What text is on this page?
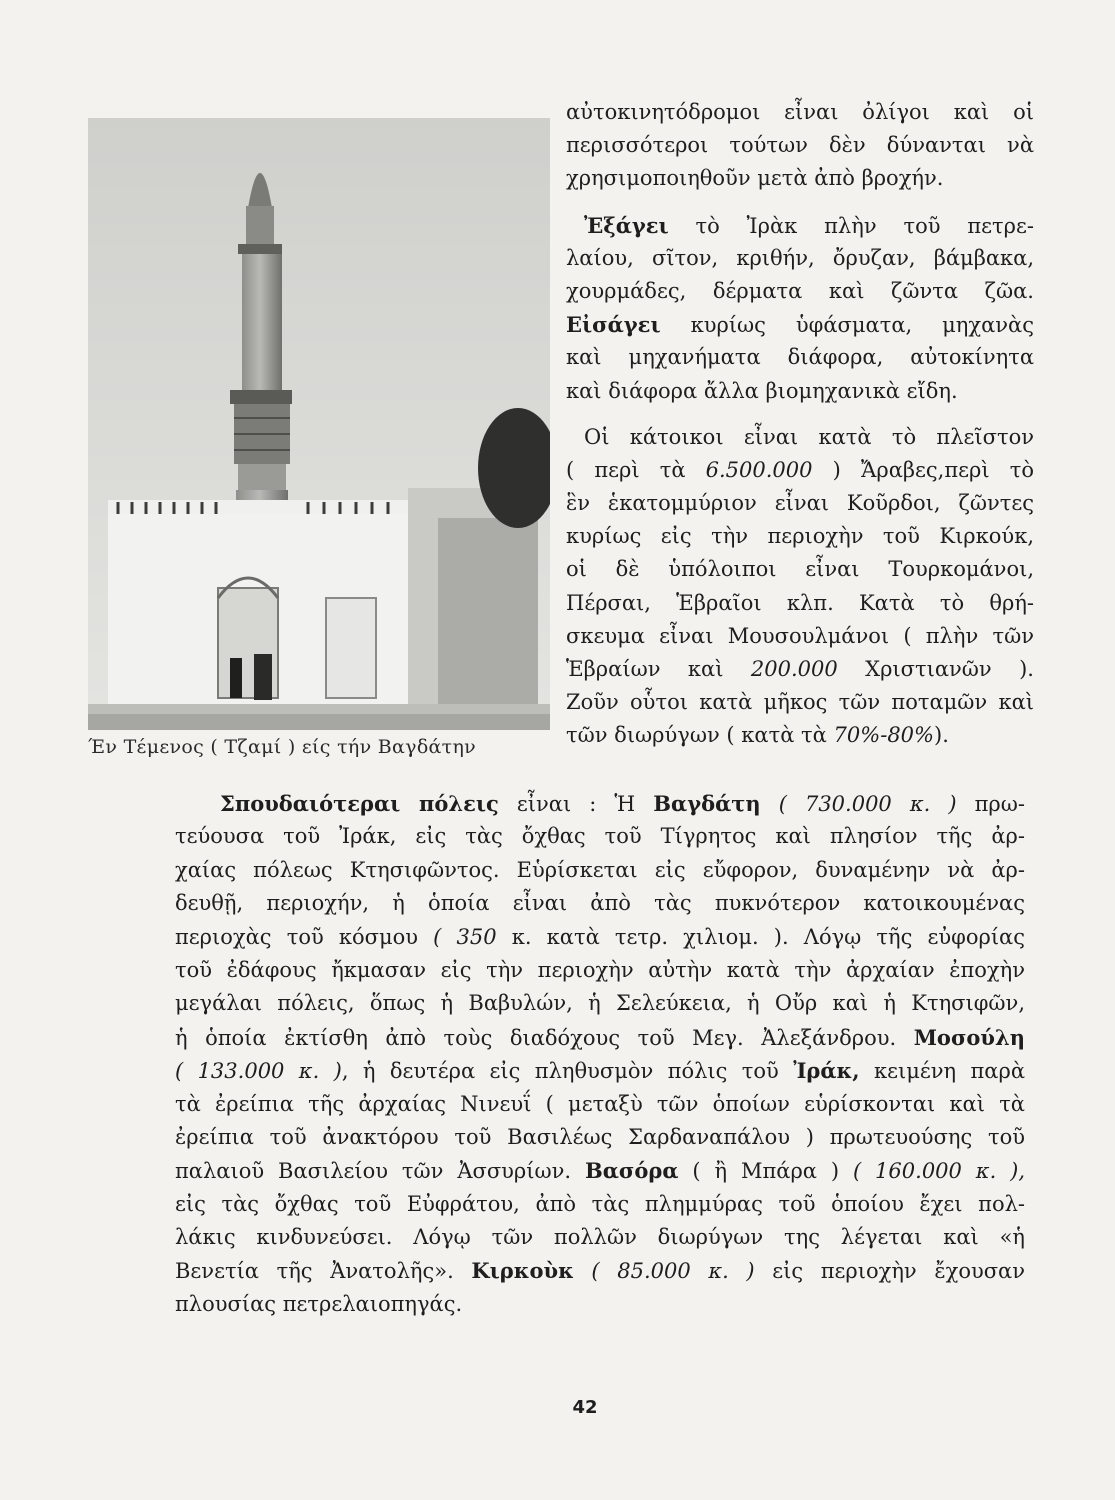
Έν Τέμενος ( Τζαμί ) είς τήν Βαγδάτην
αὐτοκινητόδρομοι εἶναι ὀλίγοι καὶ οἱ
περισσότεροι τούτων δὲν δύνανται νὰ
χρησιμοποιηθοῦν μετὰ ἀπὸ βροχήν.
Ἐξάγει τὸ Ἰρὰκ πλὴν τοῦ πετρε-
λαίου, σῖτον, κριθήν, ὄρυζαν, βάμβακα,
χουρμάδες, δέρματα καὶ ζῶντα ζῶα.
Εἰσάγει κυρίως ὑφάσματα, μηχανὰς
καὶ μηχανήματα διάφορα, αὐτοκίνητα
καὶ διάφορα ἄλλα βιομηχανικὰ εἴδη.
Οἱ κάτοικοι εἶναι κατὰ τὸ πλεῖστον
( περὶ τὰ 6.500.000 ) Ἄραβες,περὶ τὸ
ἓν ἑκατομμύριον εἶναι Κοῦρδοι, ζῶντες
κυρίως εἰς τὴν περιοχὴν τοῦ Κιρκούκ,
οἱ δὲ ὑπόλοιποι εἶναι Τουρκομάνοι,
Πέρσαι, Ἑβραῖοι κλπ. Κατὰ τὸ θρή-
σκευμα εἶναι Μουσουλμάνοι ( πλὴν τῶν
Ἑβραίων καὶ 200.000 Χριστιανῶν ).
Ζοῦν οὗτοι κατὰ μῆκος τῶν ποταμῶν καὶ
τῶν διωρύγων ( κατὰ τὰ 70%-80%).
Σπουδαιότεραι πόλεις εἶναι : Ἡ Βαγδάτη ( 730.000 κ. ) πρω-
τεύουσα τοῦ Ἰράκ, εἰς τὰς ὄχθας τοῦ Τίγρητος καὶ πλησίον τῆς ἀρ-
χαίας πόλεως Κτησιφῶντος. Εὑρίσκεται εἰς εὔφορον, δυναμένην νὰ ἀρ-
δευθῇ, περιοχήν, ἡ ὁποία εἶναι ἀπὸ τὰς πυκνότερον κατοικουμένας
περιοχὰς τοῦ κόσμου ( 350 κ. κατὰ τετρ. χιλιομ. ). Λόγῳ τῆς εὐφορίας
τοῦ ἐδάφους ἤκμασαν εἰς τὴν περιοχὴν αὐτὴν κατὰ τὴν ἀρχαίαν ἐποχὴν
μεγάλαι πόλεις, ὅπως ἡ Βαβυλών, ἡ Σελεύκεια, ἡ Οὔρ καὶ ἡ Κτησιφῶν,
ἡ ὁποία ἐκτίσθη ἀπὸ τοὺς διαδόχους τοῦ Μεγ. Ἀλεξάνδρου. Μοσούλη
( 133.000 κ. ), ἡ δευτέρα εἰς πληθυσμὸν πόλις τοῦ Ἰράκ, κειμένη παρὰ
τὰ ἐρείπια τῆς ἀρχαίας Νινευΐ ( μεταξὺ τῶν ὁποίων εὑρίσκονται καὶ τὰ
ἐρείπια τοῦ ἀνακτόρου τοῦ Βασιλέως Σαρδαναπάλου ) πρωτευούσης τοῦ
παλαιοῦ Βασιλείου τῶν Ἀσσυρίων. Βασόρα ( ἢ Μπάρα ) ( 160.000 κ. ),
εἰς τὰς ὄχθας τοῦ Εὐφράτου, ἀπὸ τὰς πλημμύρας τοῦ ὁποίου ἔχει πολ-
λάκις κινδυνεύσει. Λόγῳ τῶν πολλῶν διωρύγων της λέγεται καὶ «ἡ
Βενετία τῆς Ἀνατολῆς». Κιρκοὺκ ( 85.000 κ. ) εἰς περιοχὴν ἔχουσαν
πλουσίας πετρελαιοπηγάς.
42
